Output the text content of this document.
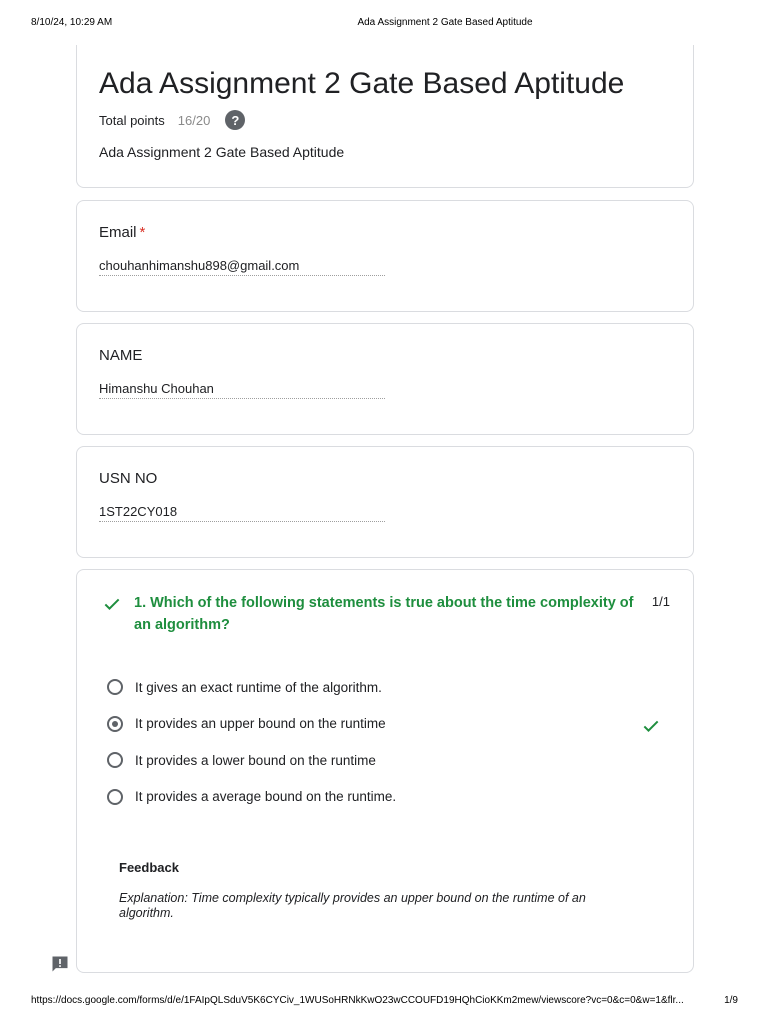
8/10/24, 10:29 AM	Ada Assignment 2 Gate Based Aptitude
Ada Assignment 2 Gate Based Aptitude
Total points 16/20	?
Ada Assignment 2 Gate Based Aptitude
Email *
chouhanhimanshu898@gmail.com
NAME
Himanshu Chouhan
USN NO
1ST22CY018
1. Which of the following statements is true about the time complexity of an algorithm?
1/1
It gives an exact runtime of the algorithm.
It provides an upper bound on the runtime
It provides a lower bound on the runtime
It provides a average bound on the runtime.
Feedback
Explanation: Time complexity typically provides an upper bound on the runtime of an algorithm.
https://docs.google.com/forms/d/e/1FAIpQLSduV5K6CYCiv_1WUSoHRNkKwO23wCCOUFD19HQhCioKKm2mew/viewscore?vc=0&c=0&w=1&flr...	1/9
